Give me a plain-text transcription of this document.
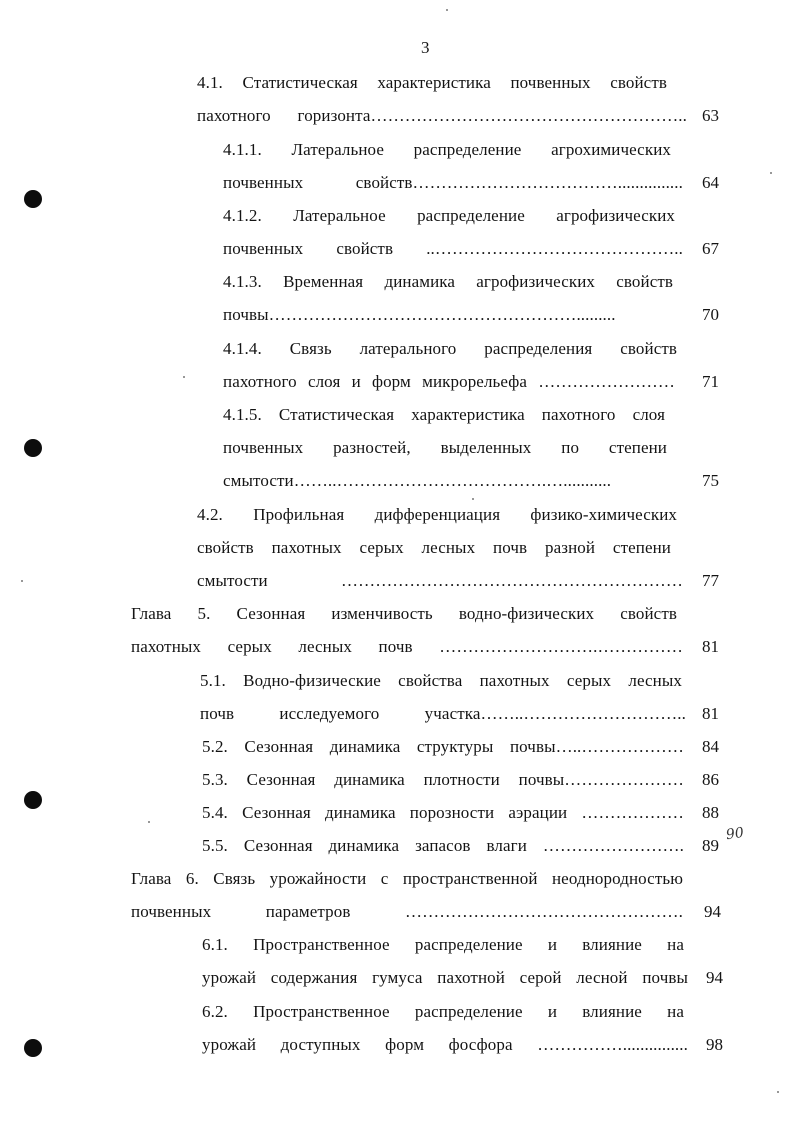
3
4.1. Статистическая характеристика почвенных свойств
пахотного горизонта……………………………………………….. 63
4.1.1. Латеральное распределение агрохимических
почвенных свойств………………………………............... 64
4.1.2. Латеральное распределение агрофизических
почвенных свойств ..…………………………………….. 67
4.1.3. Временная динамика агрофизических свойств
почвы……………………………………………….........	70
4.1.4. Связь латерального распределения свойств
пахотного слоя и форм микрорельефа …………………… 71
4.1.5. Статистическая характеристика пахотного слоя
почвенных разностей, выделенных по степени
смытости……..……………………………….…...........	75
4.2. Профильная дифференциация физико-химических
свойств пахотных серых лесных почв разной степени
смытости …………………………………………………… 77
Глава 5. Сезонная изменчивость водно-физических свойств
пахотных серых лесных почв ……………………….…………… 81
5.1. Водно-физические свойства пахотных серых лесных
почв исследуемого участка……..……………………….. 81
5.2. Сезонная динамика структуры почвы…..……………… 84
5.3. Сезонная динамика плотности почвы………………… 86
5.4. Сезонная динамика порозности аэрации ……………… 88
5.5. Сезонная динамика запасов влаги ……………………. 89
90
Глава 6. Связь урожайности с пространственной неоднородностью
почвенных параметров …………………………………………. 94
6.1. Пространственное распределение и влияние на
урожай содержания гумуса пахотной серой лесной почвы 94
6.2. Пространственное распределение и влияние на
урожай доступных форм фосфора ……………............... 98
